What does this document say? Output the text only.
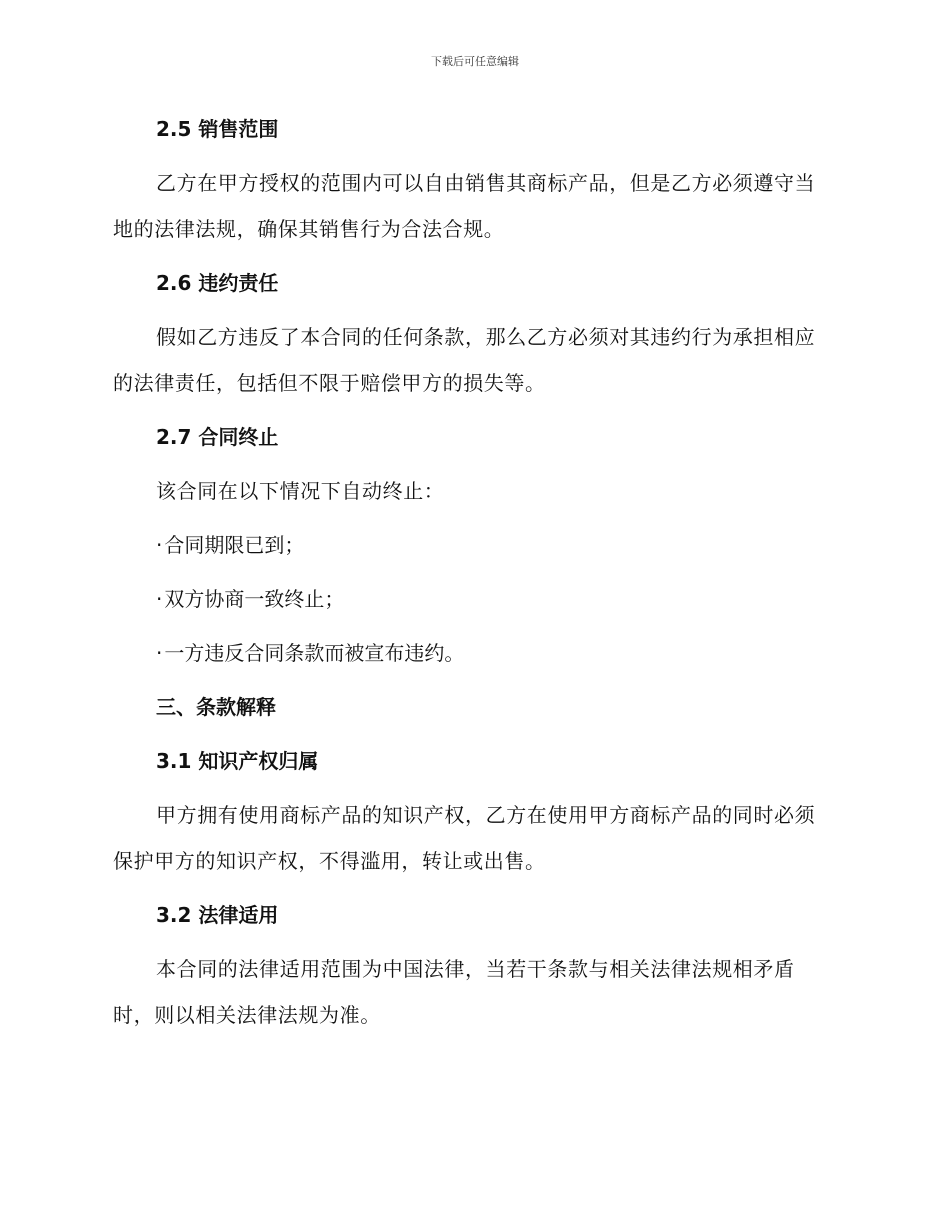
下载后可任意编辑
2.5 销售范围

乙方在甲方授权的范围内可以自由销售其商标产品，但是乙方必须遵守当地的法律法规，确保其销售行为合法合规。

2.6 违约责任

假如乙方违反了本合同的任何条款，那么乙方必须对其违约行为承担相应的法律责任，包括但不限于赔偿甲方的损失等。

2.7 合同终止

该合同在以下情况下自动终止：

· 合同期限已到；
· 双方协商一致终止；
· 一方违反合同条款而被宣布违约。
三、条款解释
3.1 知识产权归属

甲方拥有使用商标产品的知识产权，乙方在使用甲方商标产品的同时必须保护甲方的知识产权，不得滥用，转让或出售。

3.2 法律适用

本合同的法律适用范围为中国法律，当若干条款与相关法律法规相矛盾时，则以相关法律法规为准。
